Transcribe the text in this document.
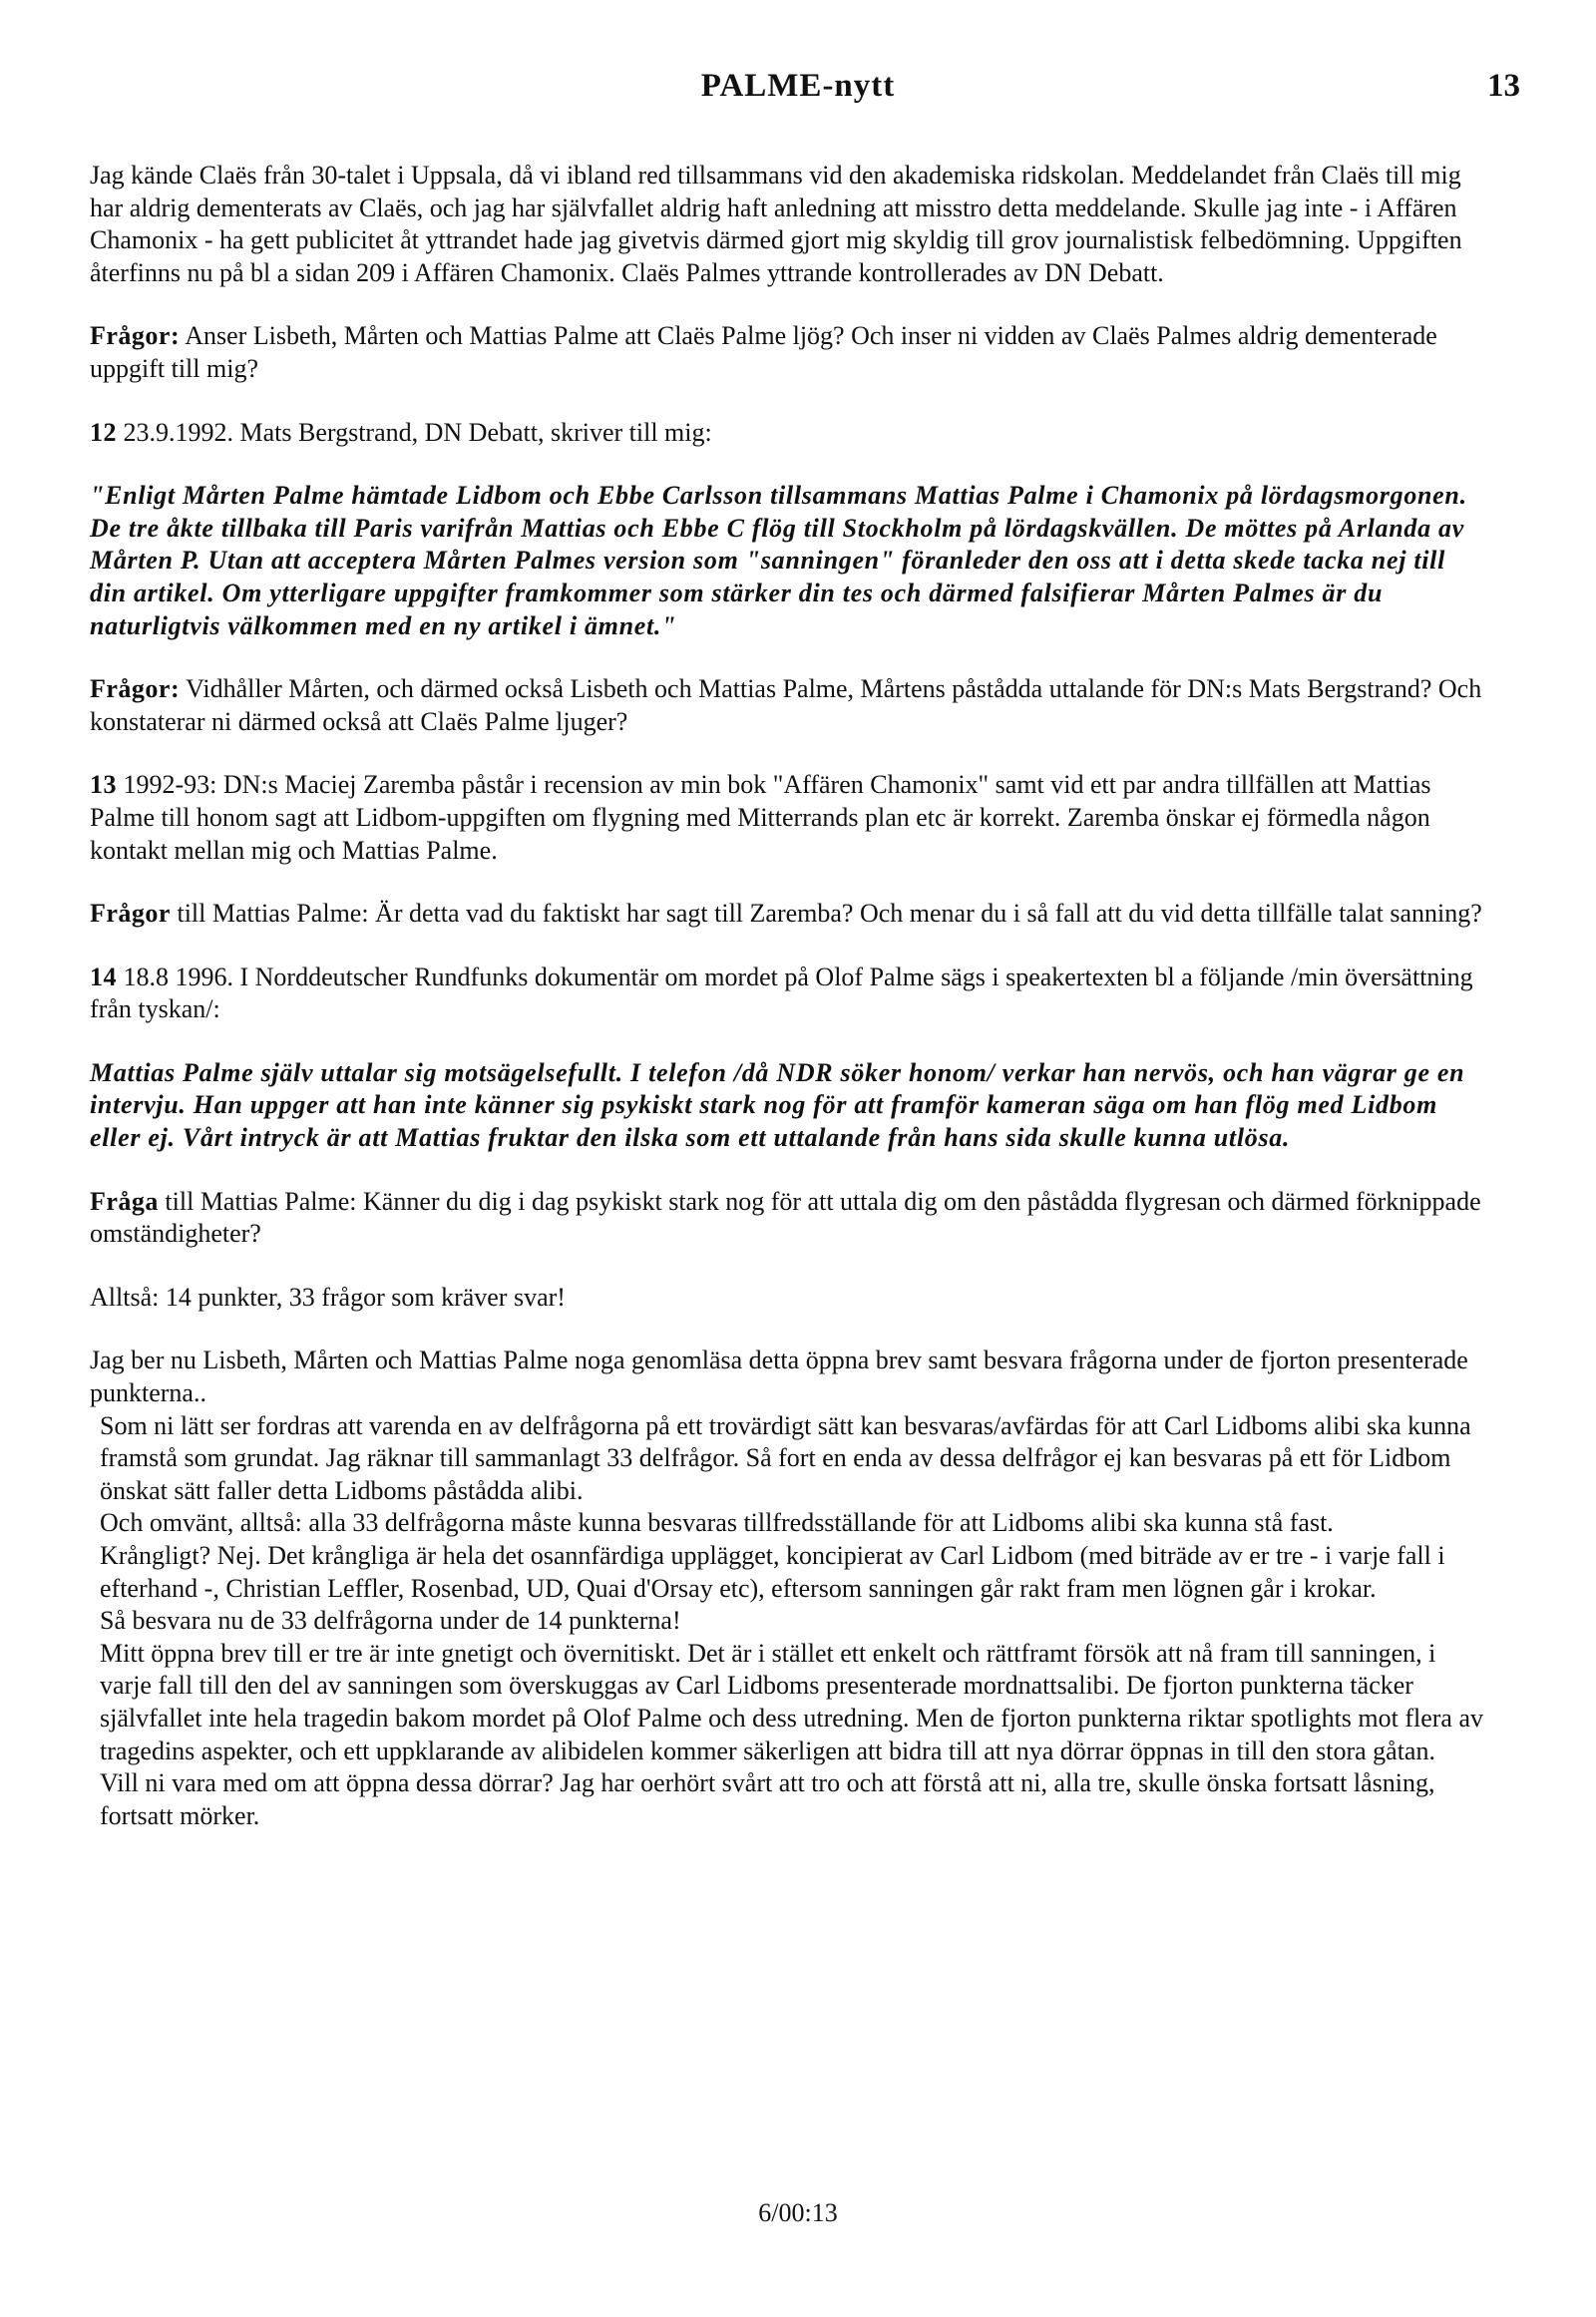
PALME-nytt	13

Jag kände Claës från 30-talet i Uppsala, då vi ibland red tillsammans vid den akademiska ridskolan. Meddelandet från Claës till mig har aldrig dementerats av Claës, och jag har självfallet aldrig haft anledning att misstro detta meddelande. Skulle jag inte - i Affären Chamonix - ha gett publicitet åt yttrandet hade jag givetvis därmed gjort mig skyldig till grov journalistisk felbedömning. Uppgiften återfinns nu på bl a sidan 209 i Affären Chamonix. Claës Palmes yttrande kontrollerades av DN Debatt.

Frågor: Anser Lisbeth, Mårten och Mattias Palme att Claës Palme ljög? Och inser ni vidden av Claës Palmes aldrig dementerade uppgift till mig?

12 23.9.1992. Mats Bergstrand, DN Debatt, skriver till mig:

"Enligt Mårten Palme hämtade Lidbom och Ebbe Carlsson tillsammans Mattias Palme i Chamonix på lördagsmorgonen. De tre åkte tillbaka till Paris varifrån Mattias och Ebbe C flög till Stockholm på lördagskvällen. De möttes på Arlanda av Mårten P. Utan att acceptera Mårten Palmes version som "sanningen" föranleder den oss att i detta skede tacka nej till din artikel. Om ytterligare uppgifter framkommer som stärker din tes och därmed falsifierar Mårten Palmes är du naturligtvis välkommen med en ny artikel i ämnet."

Frågor: Vidhåller Mårten, och därmed också Lisbeth och Mattias Palme, Mårtens påstådda uttalande för DN:s Mats Bergstrand? Och konstaterar ni därmed också att Claës Palme ljuger?

13 1992-93: DN:s Maciej Zaremba påstår i recension av min bok "Affären Chamonix" samt vid ett par andra tillfällen att Mattias Palme till honom sagt att Lidbom-uppgiften om flygning med Mitterrands plan etc är korrekt. Zaremba önskar ej förmedla någon kontakt mellan mig och Mattias Palme.

Frågor till Mattias Palme: Är detta vad du faktiskt har sagt till Zaremba? Och menar du i så fall att du vid detta tillfälle talat sanning?

14 18.8 1996. I Norddeutscher Rundfunks dokumentär om mordet på Olof Palme sägs i speakertexten bl a följande /min översättning från tyskan/:

Mattias Palme själv uttalar sig motsägelsefullt. I telefon /då NDR söker honom/ verkar han nervös, och han vägrar ge en intervju. Han uppger att han inte känner sig psykiskt stark nog för att framför kameran säga om han flög med Lidbom eller ej. Vårt intryck är att Mattias fruktar den ilska som ett uttalande från hans sida skulle kunna utlösa.

Fråga till Mattias Palme: Känner du dig i dag psykiskt stark nog för att uttala dig om den påstådda flygresan och därmed förknippade omständigheter?

Alltså: 14 punkter, 33 frågor som kräver svar!

Jag ber nu Lisbeth, Mårten och Mattias Palme noga genomläsa detta öppna brev samt besvara frågorna under de fjorton presenterade punkterna..
Som ni lätt ser fordras att varenda en av delfrågorna på ett trovärdigt sätt kan besvaras/avfärdas för att Carl Lidboms alibi ska kunna framstå som grundat. Jag räknar till sammanlagt 33 delfrågor. Så fort en enda av dessa delfrågor ej kan besvaras på ett för Lidbom önskat sätt faller detta Lidboms påstådda alibi.
Och omvänt, alltså: alla 33 delfrågorna måste kunna besvaras tillfredsställande för att Lidboms alibi ska kunna stå fast.
Krångligt? Nej. Det krångliga är hela det osannfärdiga upplägget, koncipierat av Carl Lidbom (med biträde av er tre - i varje fall i efterhand -, Christian Leffler, Rosenbad, UD, Quai d'Orsay etc), eftersom sanningen går rakt fram men lögnen går i krokar.
Så besvara nu de 33 delfrågorna under de 14 punkterna!
Mitt öppna brev till er tre är inte gnetigt och övernitiskt. Det är i stället ett enkelt och rättframt försök att nå fram till sanningen, i varje fall till den del av sanningen som överskuggas av Carl Lidboms presenterade mordnattsalibi. De fjorton punkterna täcker självfallet inte hela tragedin bakom mordet på Olof Palme och dess utredning. Men de fjorton punkterna riktar spotlights mot flera av tragedins aspekter, och ett uppklarande av alibidelen kommer säkerligen att bidra till att nya dörrar öppnas in till den stora gåtan.
Vill ni vara med om att öppna dessa dörrar? Jag har oerhört svårt att tro och att förstå att ni, alla tre, skulle önska fortsatt låsning, fortsatt mörker.

6/00:13
